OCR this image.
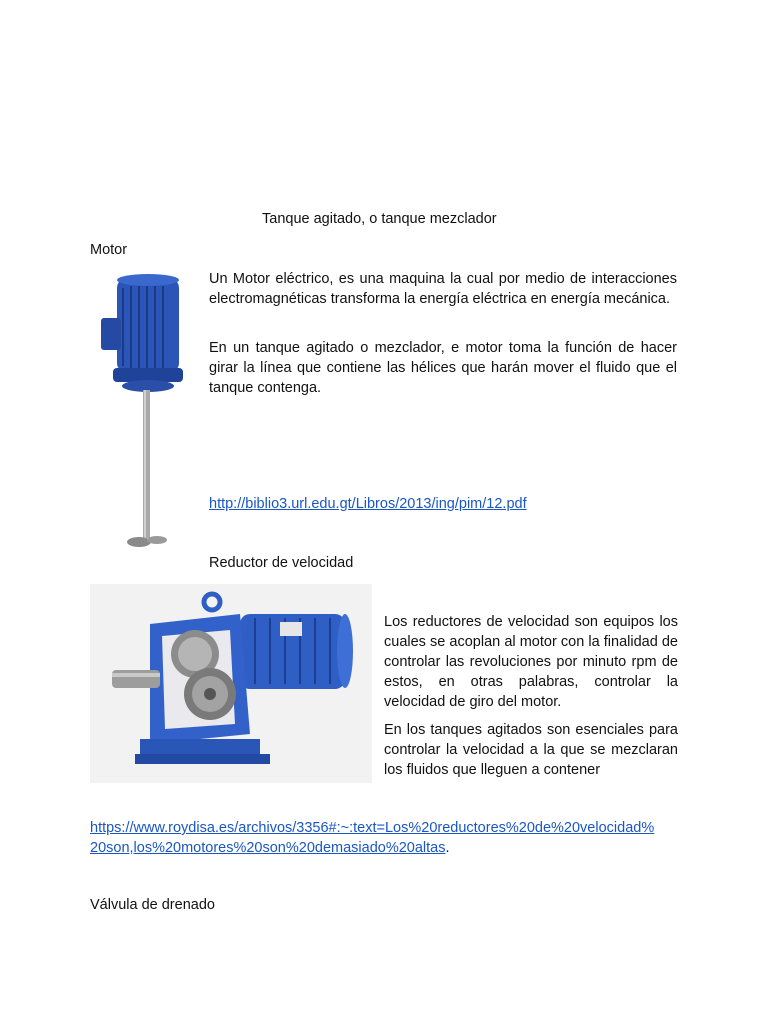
Tanque agitado, o tanque mezclador
Motor
Un Motor eléctrico, es una maquina la cual por medio de interacciones electromagnéticas transforma la energía eléctrica en energía mecánica.
En un tanque agitado o mezclador, e motor toma la función de hacer girar la línea que contiene las hélices que harán mover el fluido que el tanque contenga.
http://biblio3.url.edu.gt/Libros/2013/ing/pim/12.pdf
Reductor de velocidad
Los reductores de velocidad son equipos los cuales se acoplan al motor con la finalidad de controlar las revoluciones por minuto rpm de estos, en otras palabras, controlar la velocidad de giro del motor.
En los tanques agitados son esenciales para controlar la velocidad a la que se mezclaran los fluidos que lleguen a contener
https://www.roydisa.es/archivos/3356#:~:text=Los%20reductores%20de%20velocidad%
20son,los%20motores%20son%20demasiado%20altas.
Válvula de drenado
